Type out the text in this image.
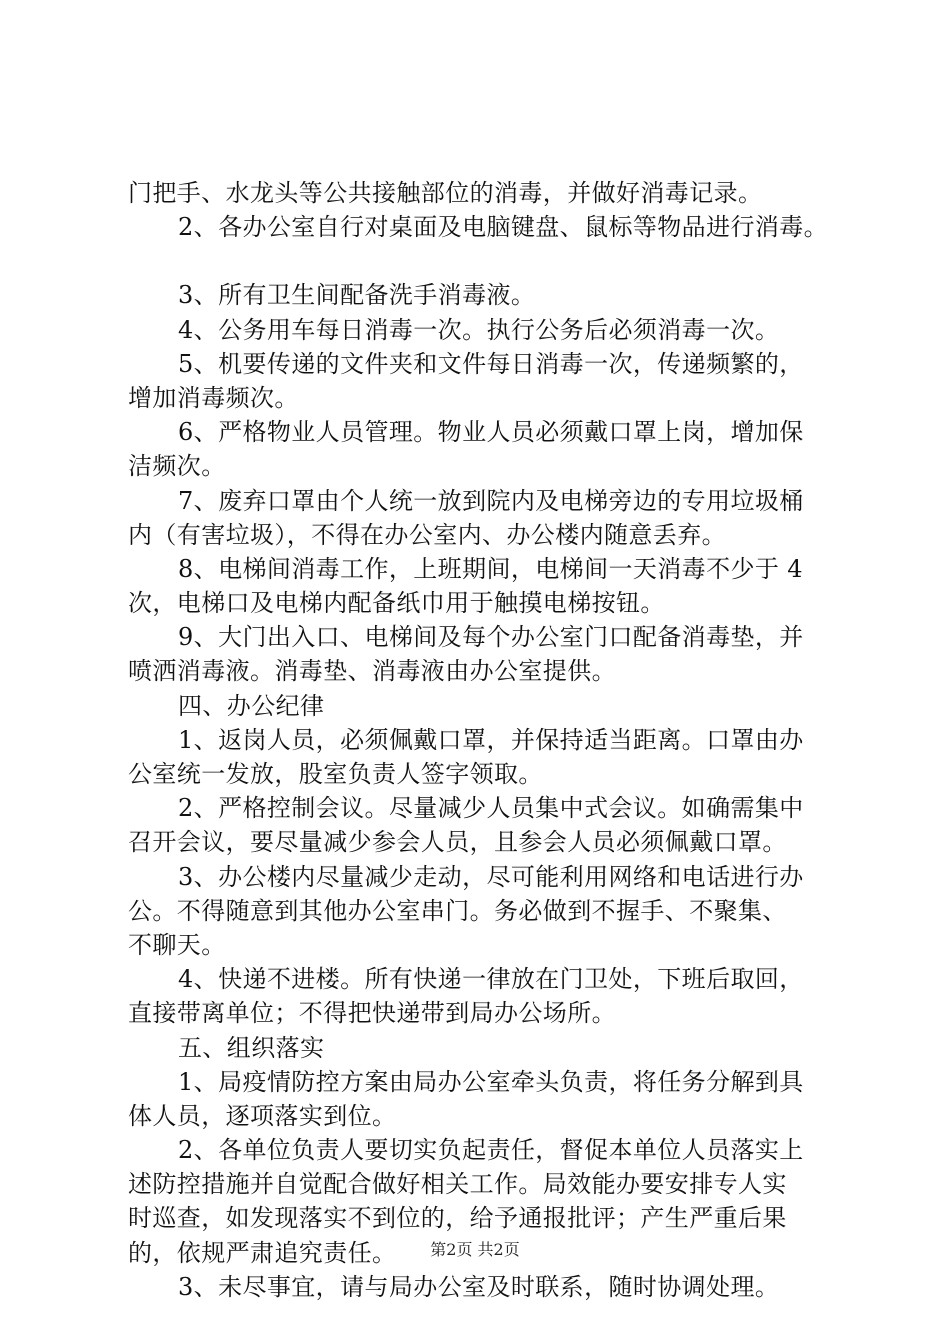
门把手、水龙头等公共接触部位的消毒，并做好消毒记录。
2、各办公室自行对桌面及电脑键盘、鼠标等物品进行消毒。
3、所有卫生间配备洗手消毒液。
4、公务用车每日消毒一次。执行公务后必须消毒一次。
5、机要传递的文件夹和文件每日消毒一次，传递频繁的，
增加消毒频次。
6、严格物业人员管理。物业人员必须戴口罩上岗，增加保
洁频次。
7、废弃口罩由个人统一放到院内及电梯旁边的专用垃圾桶
内（有害垃圾），不得在办公室内、办公楼内随意丢弃。
8、电梯间消毒工作，上班期间，电梯间一天消毒不少于 4
次，电梯口及电梯内配备纸巾用于触摸电梯按钮。
9、大门出入口、电梯间及每个办公室门口配备消毒垫，并
喷洒消毒液。消毒垫、消毒液由办公室提供。
四、办公纪律
1、返岗人员，必须佩戴口罩，并保持适当距离。口罩由办
公室统一发放，股室负责人签字领取。
2、严格控制会议。尽量减少人员集中式会议。如确需集中
召开会议，要尽量减少参会人员，且参会人员必须佩戴口罩。
3、办公楼内尽量减少走动，尽可能利用网络和电话进行办
公。不得随意到其他办公室串门。务必做到不握手、不聚集、
不聊天。
4、快递不进楼。所有快递一律放在门卫处，下班后取回，
直接带离单位；不得把快递带到局办公场所。
五、组织落实
1、局疫情防控方案由局办公室牵头负责，将任务分解到具
体人员，逐项落实到位。
2、各单位负责人要切实负起责任，督促本单位人员落实上
述防控措施并自觉配合做好相关工作。局效能办要安排专人实
时巡查，如发现落实不到位的，给予通报批评；产生严重后果
的，依规严肃追究责任。
3、未尽事宜，请与局办公室及时联系，随时协调处理。
第2页 共2页
